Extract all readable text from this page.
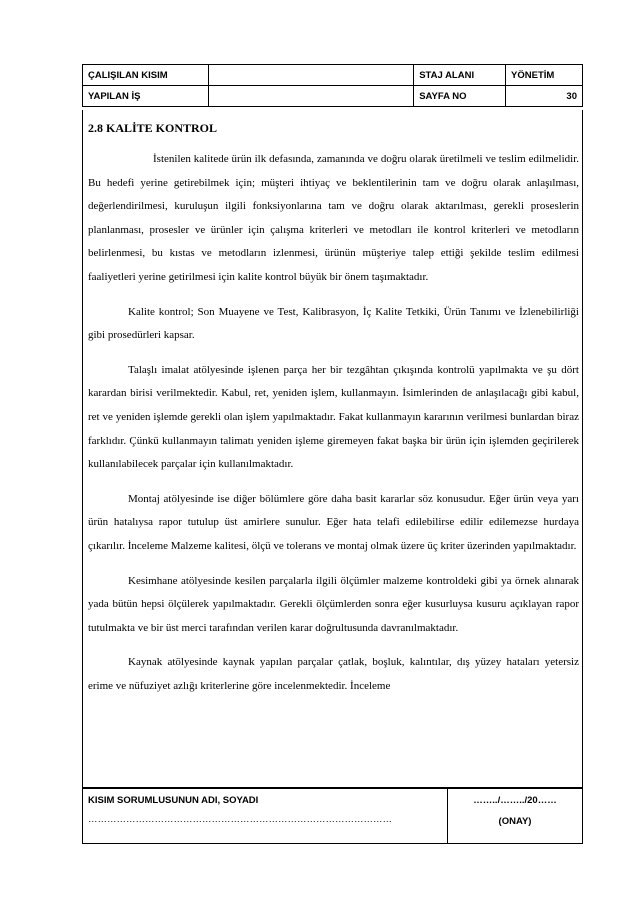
ÇALIŞILAN KISIM		STAJ ALANI	YÖNETİM
YAPILAN İŞ		SAYFA NO	30
2.8 KALİTE KONTROL

İstenilen kalitede ürün ilk defasında, zamanında ve doğru olarak üretilmeli ve teslim edilmelidir. Bu hedefi yerine getirebilmek için; müşteri ihtiyaç ve beklentilerinin tam ve doğru olarak anlaşılması, değerlendirilmesi, kuruluşun ilgili fonksiyonlarına tam ve doğru olarak aktarılması, gerekli proseslerin planlanması, prosesler ve ürünler için çalışma kriterleri ve metodları ile kontrol kriterleri ve metodların belirlenmesi, bu kıstas ve metodların izlenmesi, ürünün müşteriye talep ettiği şekilde teslim edilmesi faaliyetleri yerine getirilmesi için kalite kontrol büyük bir önem taşımaktadır.

Kalite kontrol; Son Muayene ve Test, Kalibrasyon, İç Kalite Tetkiki, Ürün Tanımı ve İzlenebilirliği gibi prosedürleri kapsar.

Talaşlı imalat atölyesinde işlenen parça her bir tezgâhtan çıkışında kontrolü yapılmakta ve şu dört karardan birisi verilmektedir. Kabul, ret, yeniden işlem, kullanmayın. İsimlerinden de anlaşılacağı gibi kabul, ret ve yeniden işlemde gerekli olan işlem yapılmaktadır. Fakat kullanmayın kararının verilmesi bunlardan biraz farklıdır. Çünkü kullanmayın talimatı yeniden işleme giremeyen fakat başka bir ürün için işlemden geçirilerek kullanılabilecek parçalar için kullanılmaktadır.

Montaj atölyesinde ise diğer bölümlere göre daha basit kararlar söz konusudur. Eğer ürün veya yarı ürün hatalıysa rapor tutulup üst amirlere sunulur. Eğer hata telafi edilebilirse edilir edilemezse hurdaya çıkarılır. İnceleme Malzeme kalitesi, ölçü ve tolerans ve montaj olmak üzere üç kriter üzerinden yapılmaktadır.

Kesimhane atölyesinde kesilen parçalarla ilgili ölçümler malzeme kontroldeki gibi ya örnek alınarak yada bütün hepsi ölçülerek yapılmaktadır. Gerekli ölçümlerden sonra eğer kusurluysa kusuru açıklayan rapor tutulmakta ve bir üst merci tarafından verilen karar doğrultusunda davranılmaktadır.

Kaynak atölyesinde kaynak yapılan parçalar çatlak, boşluk, kalıntılar, dış yüzey hataları yetersiz erime ve nüfuziyet azlığı kriterlerine göre incelenmektedir. İnceleme

KISIM SORUMLUSUNUN ADI, SOYADI
……………………………………………………………………………………
……../……../20……
(ONAY)
